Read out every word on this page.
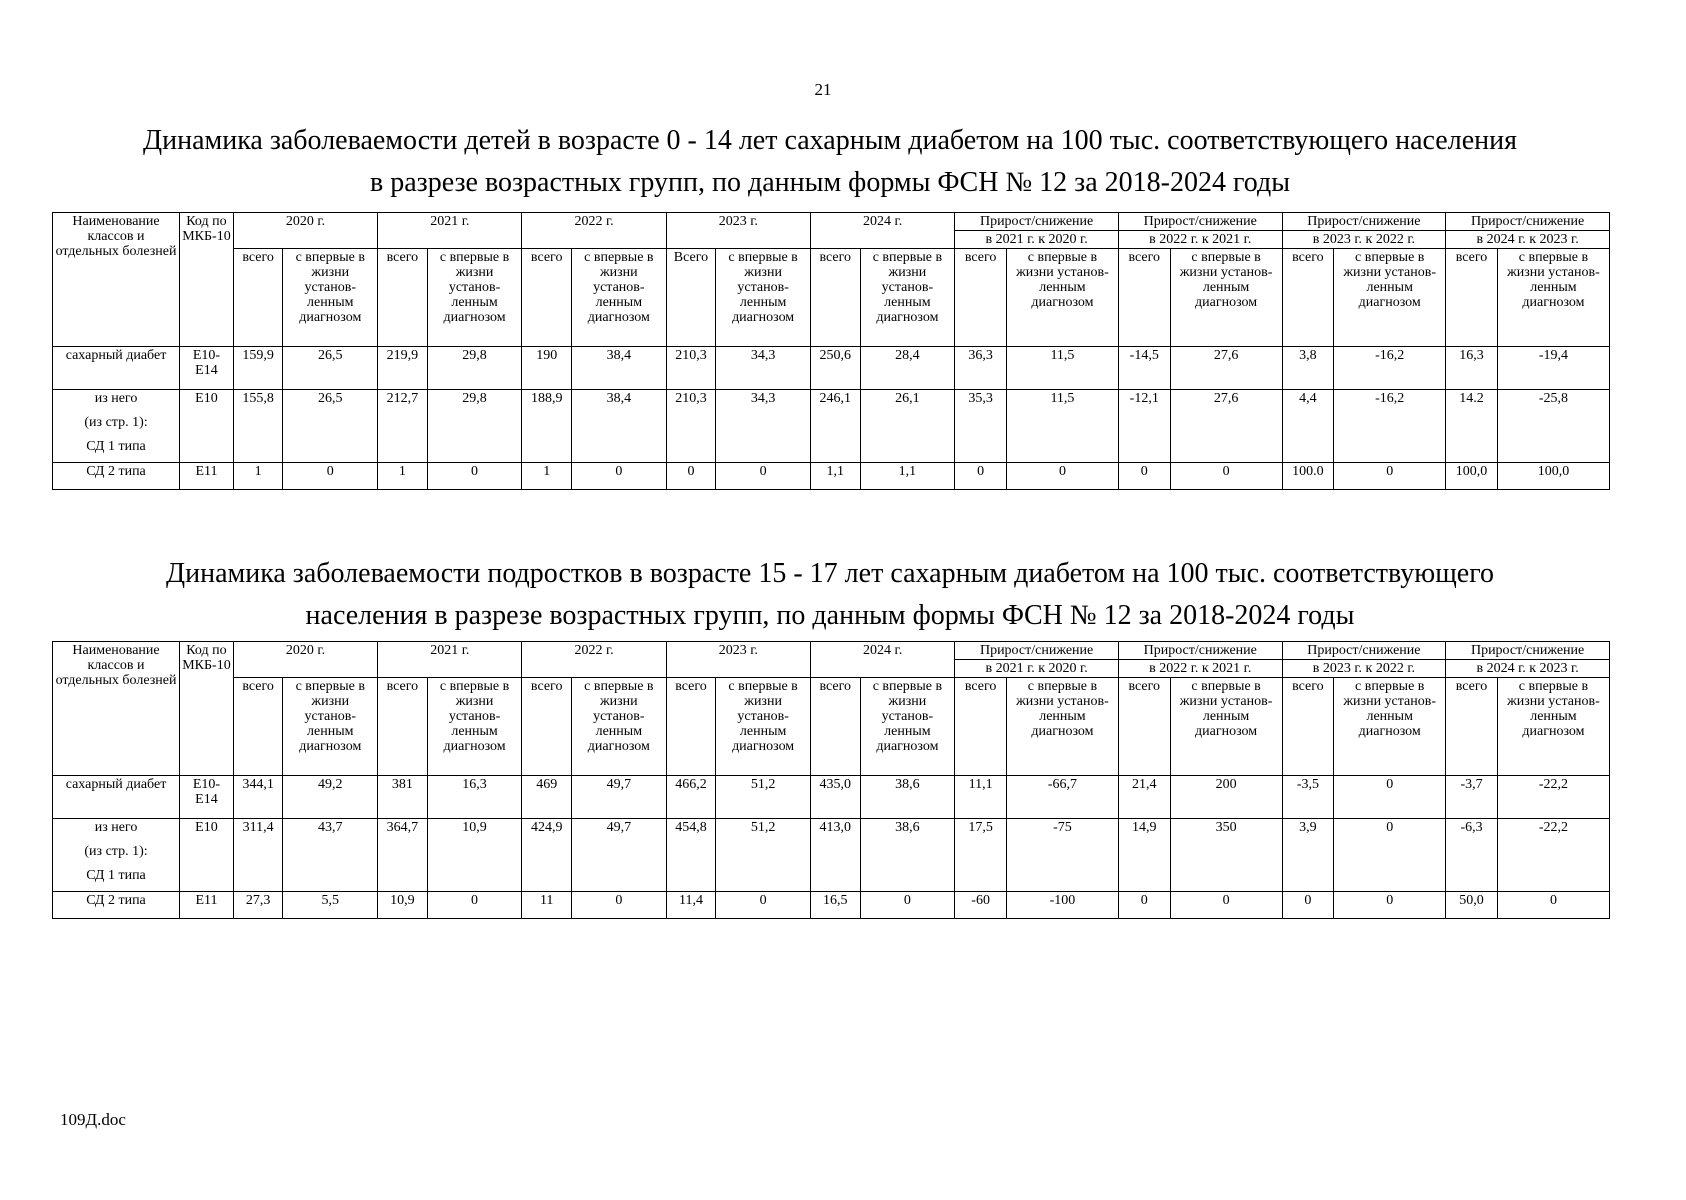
21
Динамика заболеваемости детей в возрасте 0 - 14 лет сахарным диабетом на 100 тыс. соответствующего населения
в разрезе возрастных групп, по данным формы ФСН № 12 за 2018-2024 годы
Наименование классов и отдельных болезней	Код по МКБ-10	2020 г.		2021 г.		2022 г.		2023 г.		2024 г.		Прирост/снижение		Прирост/снижение		Прирост/снижение		Прирост/снижение	
												в 2021 г. к 2020 г.		в 2022 г. к 2021 г.		в 2023 г. к 2022 г.		в 2024 г. к 2023 г.	
		всего	с впервые в жизни установ-ленным диагнозом	всего	с впервые в жизни установ-ленным диагнозом	всего	с впервые в жизни установ-ленным диагнозом	Всего	с впервые в жизни установ-ленным диагнозом	всего	с впервые в жизни установ-ленным диагнозом	всего	с впервые в жизни установ-ленным диагнозом	всего	с впервые в жизни установ-ленным диагнозом	всего	с впервые в жизни установ-ленным диагнозом	всего	с впервые в жизни установ-ленным диагнозом
сахарный диабет	Е10-Е14	159,9	26,5	219,9	29,8	190	38,4	210,3	34,3	250,6	28,4	36,3	11,5	-14,5	27,6	3,8	-16,2	16,3	-19,4
из него	Е10	155,8	26,5	212,7	29,8	188,9	38,4	210,3	34,3	246,1	26,1	35,3	11,5	-12,1	27,6	4,4	-16,2	14.2	-25,8
(из стр. 1):																			
СД 1 типа																			
СД 2 типа	Е11	1	0	1	0	1	0	0	0	1,1	1,1	0	0	0	0	100.0	0	100,0	100,0
Динамика заболеваемости подростков в возрасте 15 - 17 лет сахарным диабетом на 100 тыс. соответствующего
населения в разрезе возрастных групп, по данным формы ФСН № 12 за 2018-2024 годы
Наименование классов и отдельных болезней	Код по МКБ-10	2020 г.		2021 г.		2022 г.		2023 г.		2024 г.		Прирост/снижение		Прирост/снижение		Прирост/снижение		Прирост/снижение	
												в 2021 г. к 2020 г.		в 2022 г. к 2021 г.		в 2023 г. к 2022 г.		в 2024 г. к 2023 г.	
		всего	с впервые в жизни установ-ленным диагнозом	всего	с впервые в жизни установ-ленным диагнозом	всего	с впервые в жизни установ-ленным диагнозом	всего	с впервые в жизни установ-ленным диагнозом	всего	с впервые в жизни установ-ленным диагнозом	всего	с впервые в жизни установ-ленным диагнозом	всего	с впервые в жизни установ-ленным диагнозом	всего	с впервые в жизни установ-ленным диагнозом	всего	с впервые в жизни установ-ленным диагнозом
сахарный диабет	Е10-Е14	344,1	49,2	381	16,3	469	49,7	466,2	51,2	435,0	38,6	11,1	-66,7	21,4	200	-3,5	0	-3,7	-22,2
из него	Е10	311,4	43,7	364,7	10,9	424,9	49,7	454,8	51,2	413,0	38,6	17,5	-75	14,9	350	3,9	0	-6,3	-22,2
(из стр. 1):																			
СД 1 типа																			
СД 2 типа	Е11	27,3	5,5	10,9	0	11	0	11,4	0	16,5	0	-60	-100	0	0	0	0	50,0	0
109Д.doc
